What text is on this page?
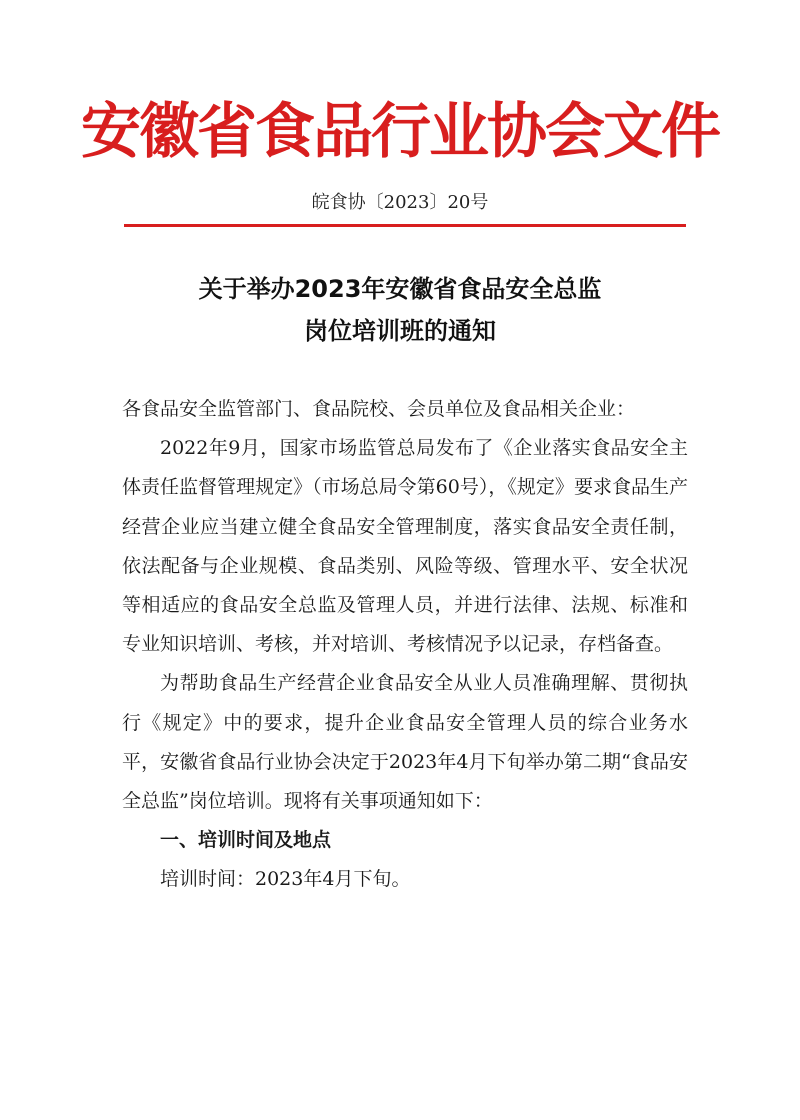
安徽省食品行业协会文件
皖食协〔2023〕20号
关于举办2023年安徽省食品安全总监
岗位培训班的通知

各食品安全监管部门、食品院校、会员单位及食品相关企业：

2022年9月，国家市场监管总局发布了《企业落实食品安全主体责任监督管理规定》（市场总局令第60号），《规定》要求食品生产经营企业应当建立健全食品安全管理制度，落实食品安全责任制，依法配备与企业规模、食品类别、风险等级、管理水平、安全状况等相适应的食品安全总监及管理人员，并进行法律、法规、标准和专业知识培训、考核，并对培训、考核情况予以记录，存档备查。

为帮助食品生产经营企业食品安全从业人员准确理解、贯彻执行《规定》中的要求，提升企业食品安全管理人员的综合业务水平，安徽省食品行业协会决定于2023年4月下旬举办第二期“食品安全总监”岗位培训。现将有关事项通知如下：

一、培训时间及地点

培训时间：2023年4月下旬。
